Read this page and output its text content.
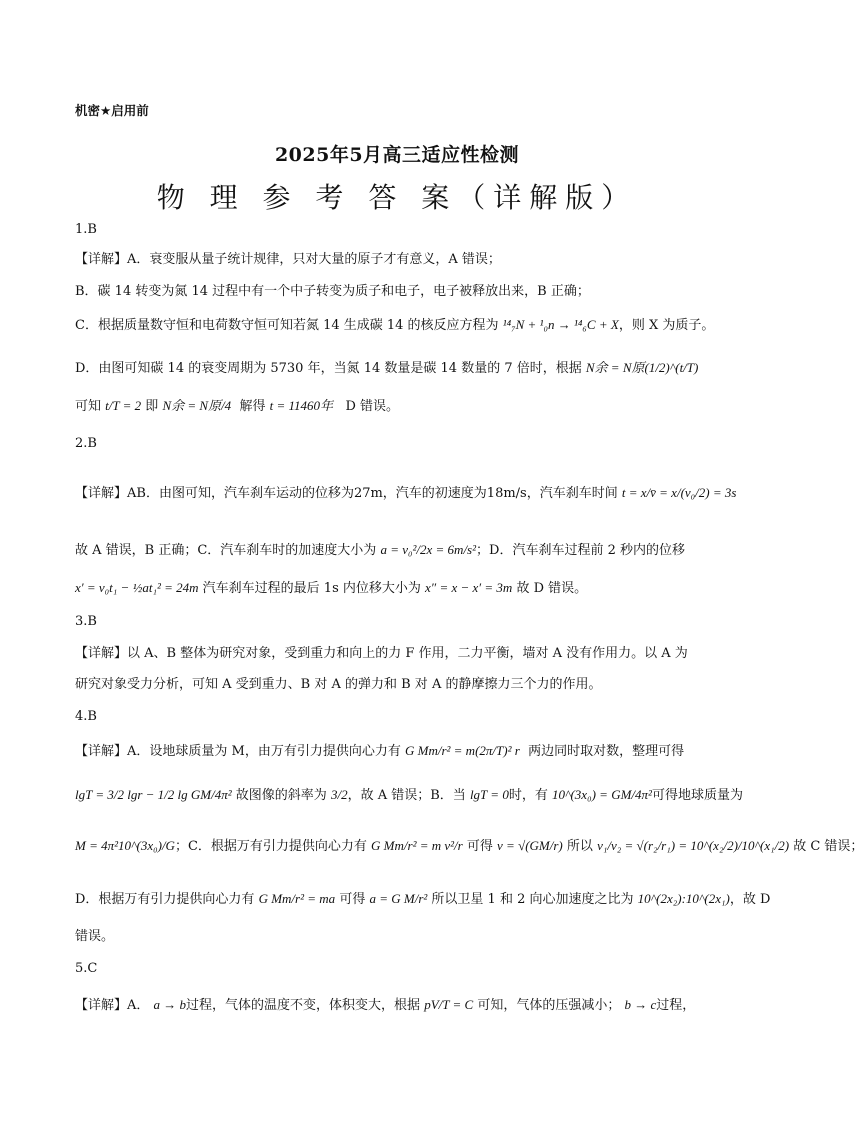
机密★启用前
2025年5月高三适应性检测
物 理 参 考 答 案（详解版）
1.B
【详解】A．衰变服从量子统计规律，只对大量的原子才有意义，A 错误；
B．碳 14 转变为氮 14 过程中有一个中子转变为质子和电子，电子被释放出来，B 正确；
C．根据质量数守恒和电荷数守恒可知若氮 14 生成碳 14 的核反应方程为 ¹⁴₇N + ¹₀n → ¹⁴₆C + X，则 X 为质子。
D．由图可知碳 14 的衰变周期为 5730 年，当氮 14 数量是碳 14 数量的 7 倍时，根据 N余 = N原(1/2)^(t/T)
可知 t/T = 2 即 N余 = N原/4 解得 t = 11460年 D 错误。
2.B
【详解】AB．由图可知，汽车刹车运动的位移为27m，汽车的初速度为18m/s，汽车刹车时间 t = x/v̄ = x/(v₀/2) = 3s
故 A 错误，B 正确；C．汽车刹车时的加速度大小为 a = v₀²/2x = 6m/s²；D．汽车刹车过程前 2 秒内的位移
x′ = v₀t₁ − ½at₁² = 24m 汽车刹车过程的最后 1s 内位移大小为 x″ = x − x′ = 3m 故 D 错误。
3.B
【详解】以 A、B 整体为研究对象，受到重力和向上的力 F 作用，二力平衡，墙对 A 没有作用力。以 A 为
研究对象受力分析，可知 A 受到重力、B 对 A 的弹力和 B 对 A 的静摩擦力三个力的作用。
4.B
【详解】A．设地球质量为 M，由万有引力提供向心力有 G Mm/r² = m(2π/T)² r 两边同时取对数，整理可得
lgT = 3/2 lgr − 1/2 lg GM/4π² 故图像的斜率为 3/2，故 A 错误；B．当 lgT = 0时，有 10^(3x₀) = GM/4π²可得地球质量为
M = 4π²10^(3x₀)/G；C．根据万有引力提供向心力有 G Mm/r² = m v²/r 可得 v = √(GM/r) 所以 v₁/v₂ = √(r₂/r₁) = 10^(x₂/2)/10^(x₁/2) 故 C 错误；
D．根据万有引力提供向心力有 G Mm/r² = ma 可得 a = G M/r² 所以卫星 1 和 2 向心加速度之比为 10^(2x₂):10^(2x₁)，故 D
错误。
5.C
【详解】A． a → b过程，气体的温度不变，体积变大，根据 pV/T = C 可知，气体的压强减小； b → c过程，
